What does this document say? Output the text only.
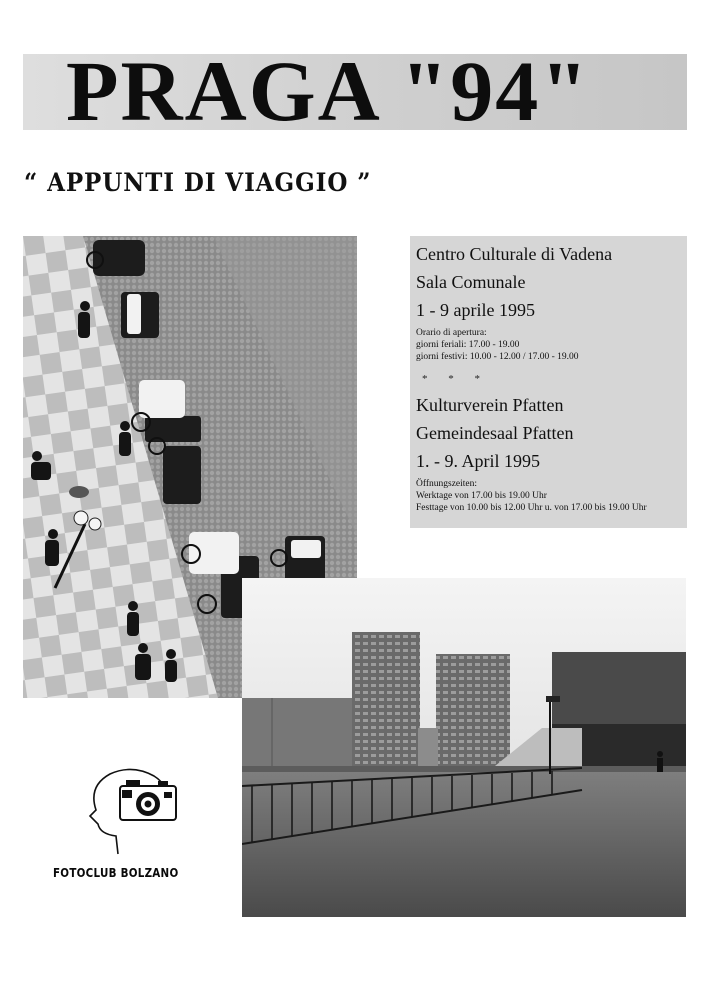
PRAGA "94"
“ APPUNTI DI VIAGGIO ”
Centro Culturale di Vadena
Sala Comunale
1 - 9 aprile 1995
Orario di apertura:
giorni feriali: 17.00 - 19.00
giorni festivi: 10.00 - 12.00 / 17.00 - 19.00
* * *
Kulturverein Pfatten
Gemeindesaal Pfatten
1. - 9. April 1995
Öffnungszeiten:
Werktage von 17.00 bis 19.00 Uhr
Festtage von 10.00 bis 12.00 Uhr u. von 17.00 bis 19.00 Uhr
FOTOCLUB BOLZANO
